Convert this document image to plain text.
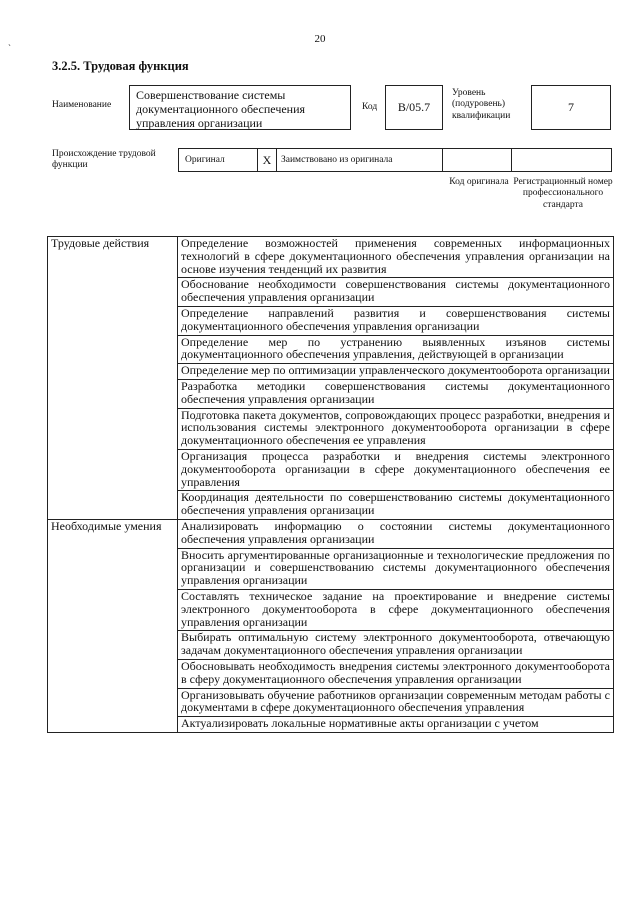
ˋ
20
3.2.5. Трудовая функция
Наименование
Совершенствование системы документационного обеспечения управления организации
Код	B/05.7
Уровень (подуровень) квалификации
7
Происхождение трудовой функции
Оригинал	X	Заимствовано из оригинала
Код оригинала Регистрационный номер профессионального стандарта
Трудовые действия	Определение возможностей применения современных информационных технологий в сфере документационного обеспечения управления организации на основе изучения тенденций их развития
	Обоснование необходимости совершенствования системы документационного обеспечения управления организации
	Определение направлений развития и совершенствования системы документационного обеспечения управления организации
	Определение мер по устранению выявленных изъянов системы документационного обеспечения управления, действующей в организации
	Определение мер по оптимизации управленческого документооборота организации
	Разработка методики совершенствования системы документационного обеспечения управления организации
	Подготовка пакета документов, сопровождающих процесс разработки, внедрения и использования системы электронного документооборота организации в сфере документационного обеспечения ее управления
	Организация процесса разработки и внедрения системы электронного документооборота организации в сфере документационного обеспечения ее управления
	Координация деятельности по совершенствованию системы документационного обеспечения управления организации
Необходимые умения	Анализировать информацию о состоянии системы документационного обеспечения управления организации
	Вносить аргументированные организационные и технологические предложения по организации и совершенствованию системы документационного обеспечения управления организации
	Составлять техническое задание на проектирование и внедрение системы электронного документооборота в сфере документационного обеспечения управления организации
	Выбирать оптимальную систему электронного документооборота, отвечающую задачам документационного обеспечения управления организации
	Обосновывать необходимость внедрения системы электронного документооборота в сферу документационного обеспечения управления организации
	Организовывать обучение работников организации современным методам работы с документами в сфере документационного обеспечения управления
	Актуализировать локальные нормативные акты организации с учетом
